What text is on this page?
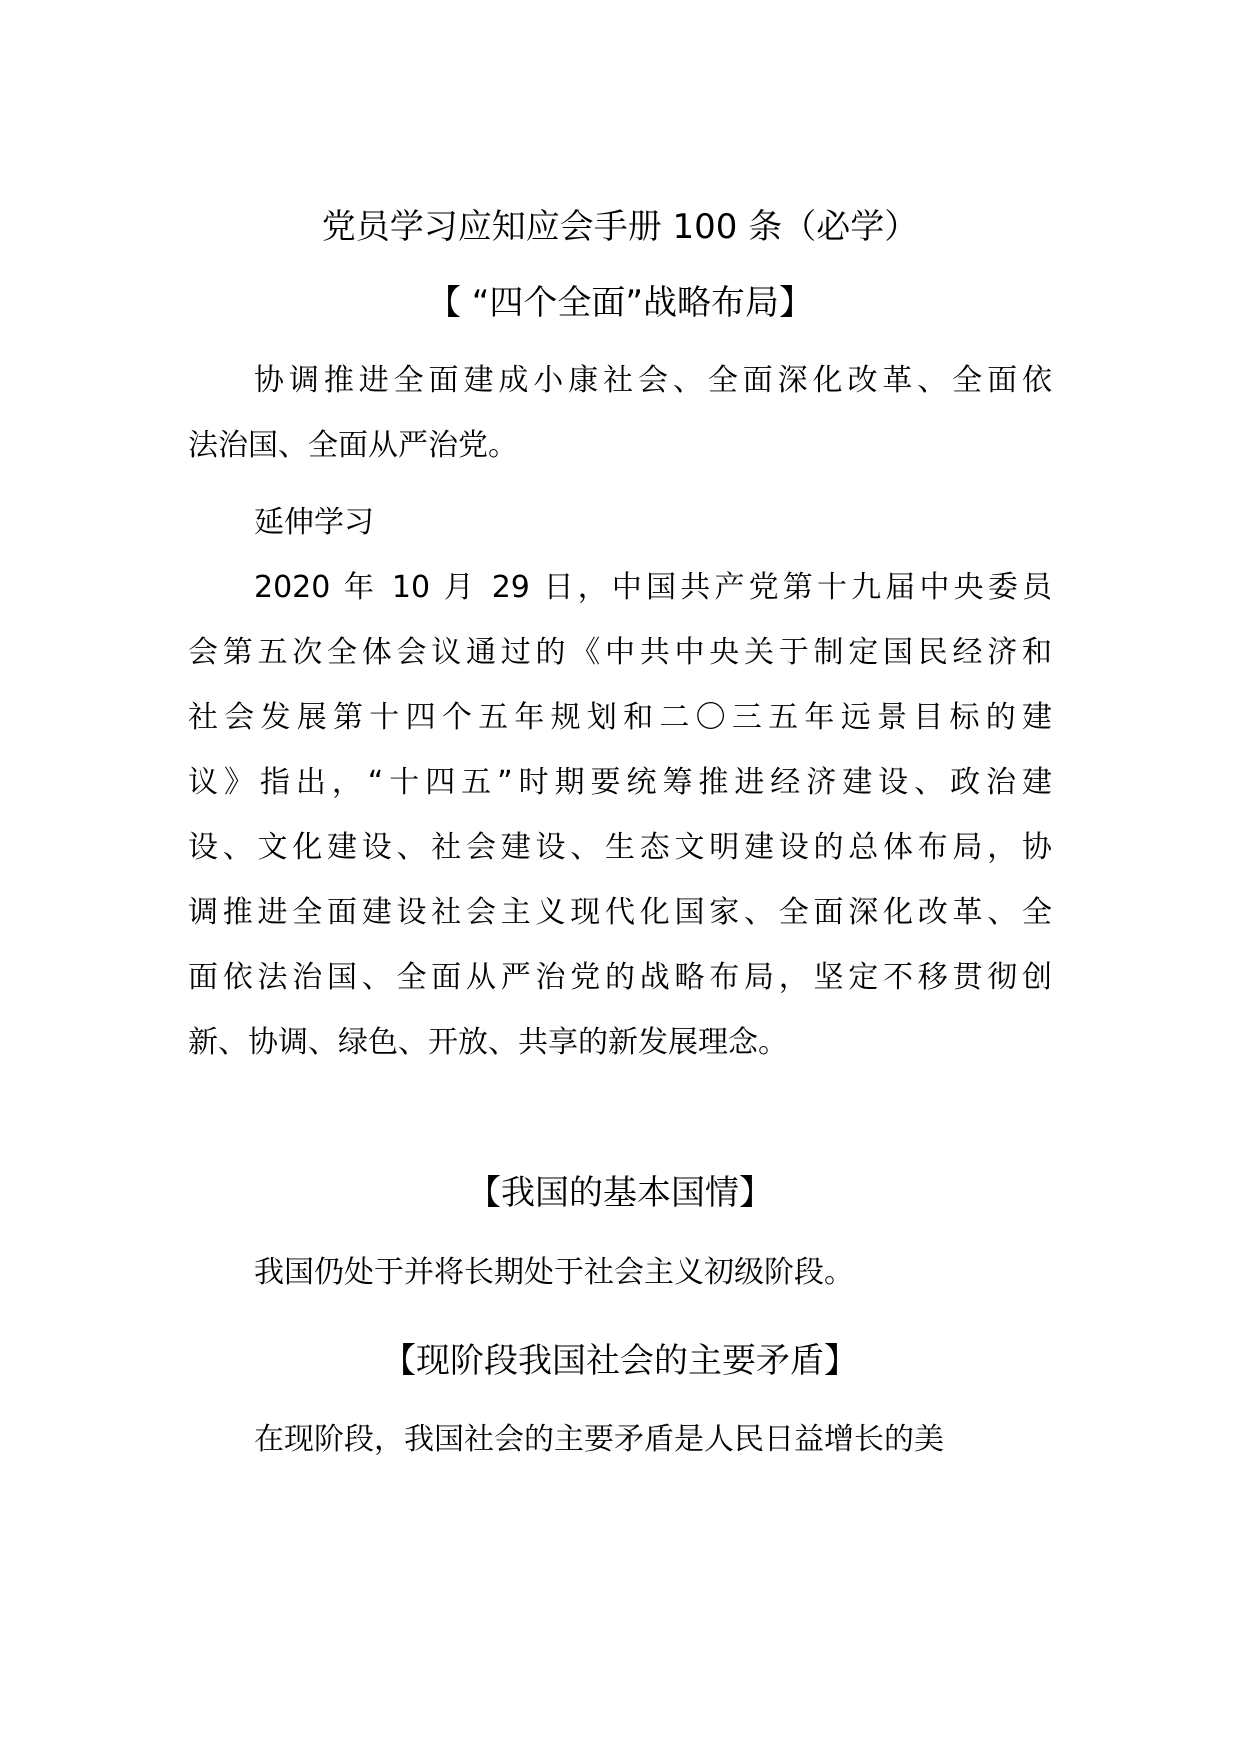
党员学习应知应会手册 100 条（必学）
【 “四个全面”战略布局】
协调推进全面建成小康社会、全面深化改革、全面依
法治国、全面从严治党。
延伸学习
2020 年 10 月 29 日，中国共产党第十九届中央委员
会第五次全体会议通过的《中共中央关于制定国民经济和
社会发展第十四个五年规划和二〇三五年远景目标的建
议》指出，“十四五”时期要统筹推进经济建设、政治建
设、文化建设、社会建设、生态文明建设的总体布局，协
调推进全面建设社会主义现代化国家、全面深化改革、全
面依法治国、全面从严治党的战略布局，坚定不移贯彻创
新、协调、绿色、开放、共享的新发展理念。
【我国的基本国情】
我国仍处于并将长期处于社会主义初级阶段。
【现阶段我国社会的主要矛盾】
在现阶段，我国社会的主要矛盾是人民日益增长的美
